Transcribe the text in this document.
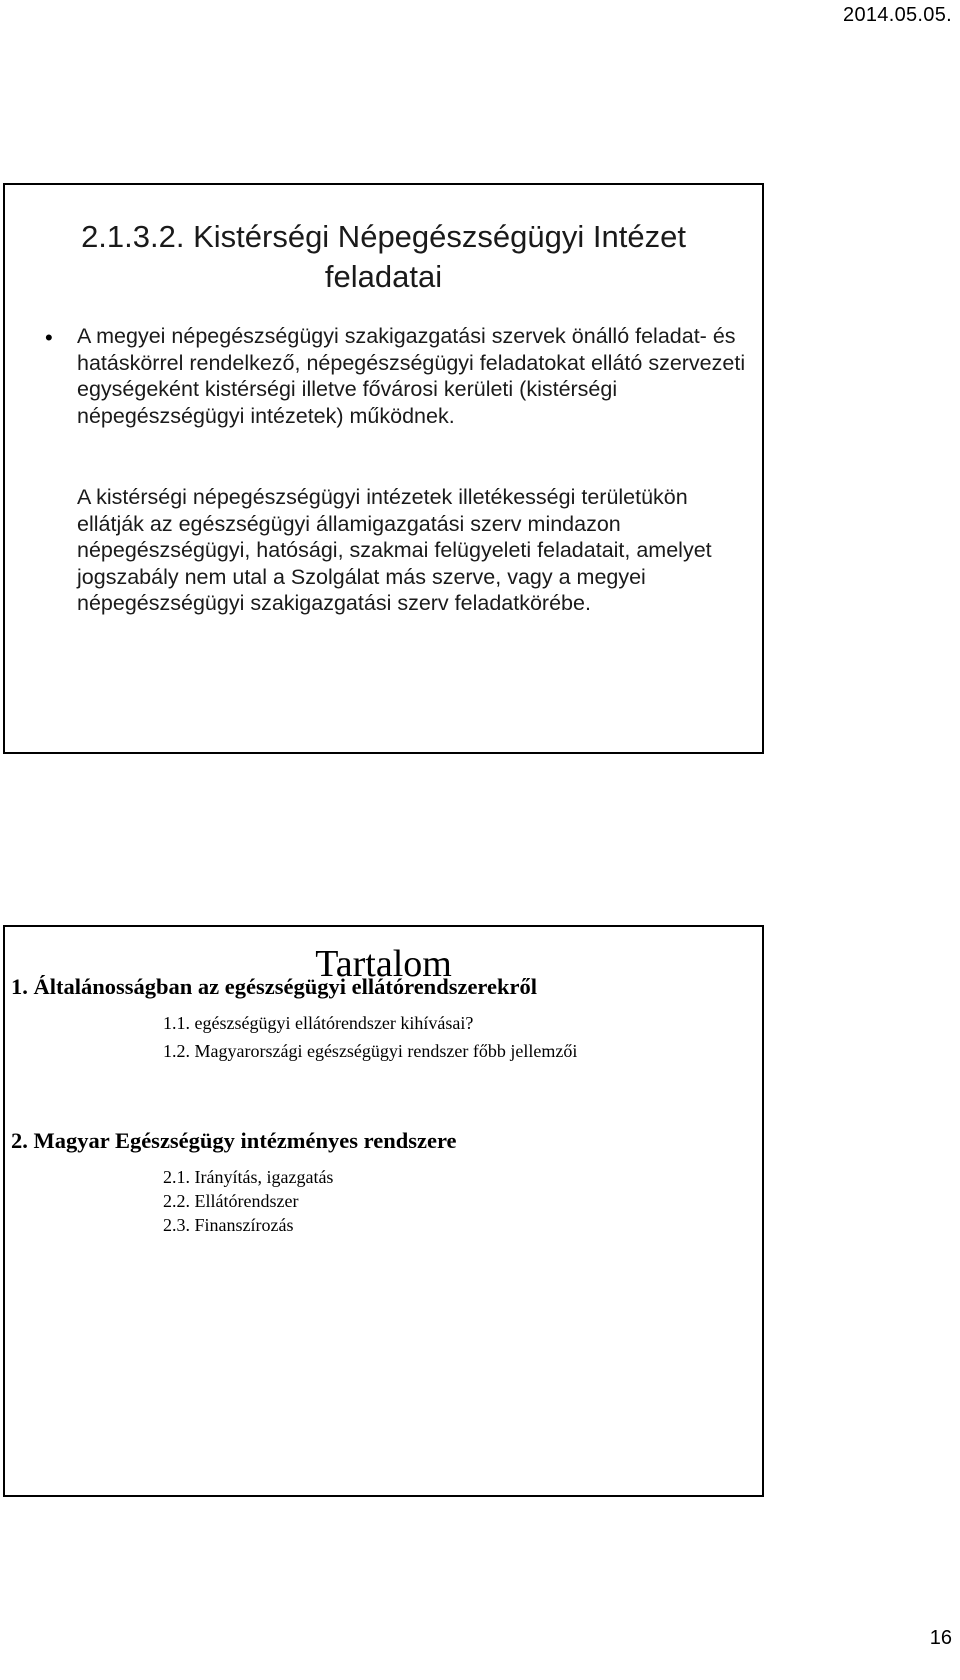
2014.05.05.
2.1.3.2. Kistérségi Népegészségügyi Intézet
feladatai
•	A megyei népegészségügyi szakigazgatási szervek önálló feladat- és hatáskörrel rendelkező, népegészségügyi feladatokat ellátó szervezeti egységeként kistérségi illetve fővárosi kerületi (kistérségi népegészségügyi intézetek) működnek.
A kistérségi népegészségügyi intézetek illetékességi területükön ellátják az egészségügyi államigazgatási szerv mindazon népegészségügyi, hatósági, szakmai felügyeleti feladatait, amelyet jogszabály nem utal a Szolgálat más szerve, vagy a megyei népegészségügyi szakigazgatási szerv feladatkörébe.
Tartalom
1. Általánosságban az egészségügyi ellátórendszerekről
1.1. egészségügyi ellátórendszer kihívásai?
1.2. Magyarországi egészségügyi rendszer főbb jellemzői
2. Magyar Egészségügy intézményes rendszere
2.1. Irányítás, igazgatás
2.2. Ellátórendszer
2.3. Finanszírozás
16
